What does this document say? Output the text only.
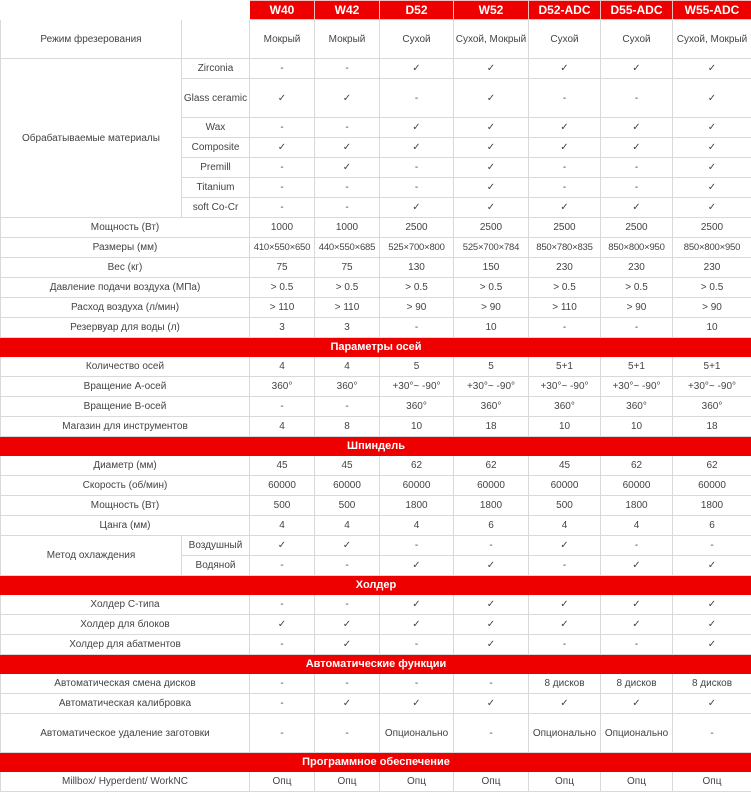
		W40	W42	D52	W52	D52-ADC	D55-ADC	W55-ADC
Режим фрезерования		Мокрый	Мокрый	Сухой	Сухой, Мокрый	Сухой	Сухой	Сухой, Мокрый
Обрабатываемые материалы	Zirconia	-	-	✓	✓	✓	✓	✓
	Glass ceramic	✓	✓	-	✓	-	-	✓
	Wax	-	-	✓	✓	✓	✓	✓
	Composite	✓	✓	✓	✓	✓	✓	✓
	Premill	-	✓	-	✓	-	-	✓
	Titanium	-	-	-	✓	-	-	✓
	soft Co-Cr	-	-	✓	✓	✓	✓	✓
Мощность (Вт)		1000	1000	2500	2500	2500	2500	2500
Размеры (мм)		410×550×650	440×550×685	525×700×800	525×700×784	850×780×835	850×800×950	850×800×950
Вес (кг)		75	75	130	150	230	230	230
Давление подачи воздуха (МПа)		> 0.5	> 0.5	> 0.5	> 0.5	> 0.5	> 0.5	> 0.5
Расход воздуха (л/мин)		> 110	> 110	> 90	> 90	> 110	> 90	> 90
Резервуар для воды (л)		3	3	-	10	-	-	10
Параметры осей								
Количество осей		4	4	5	5	5+1	5+1	5+1
Вращение А-осей		360°	360°	+30°~ -90°	+30°~ -90°	+30°~ -90°	+30°~ -90°	+30°~ -90°
Вращение В-осей		-	-	360°	360°	360°	360°	360°
Магазин для инструментов		4	8	10	18	10	10	18
Шпиндель								
Диаметр (мм)		45	45	62	62	45	62	62
Скорость (об/мин)		60000	60000	60000	60000	60000	60000	60000
Мощность (Вт)		500	500	1800	1800	500	1800	1800
Цанга (мм)		4	4	4	6	4	4	6
Метод охлаждения	Воздушный	✓	✓	-	-	✓	-	-
	Водяной	-	-	✓	✓	-	✓	✓
Холдер								
Холдер С-типа		-	-	✓	✓	✓	✓	✓
Холдер для блоков		✓	✓	✓	✓	✓	✓	✓
Холдер для абатментов		-	✓	-	✓	-	-	✓
Автоматические функции								
Автоматическая смена дисков		-	-	-	-	8 дисков	8 дисков	8 дисков
Автоматическая калибровка		-	✓	✓	✓	✓	✓	✓
Автоматическое удаление заготовки		-	-	Опционально	-	Опционально	Опционально	-
Программное обеспечение								
Millbox/ Hyperdent/ WorkNC		Опц	Опц	Опц	Опц	Опц	Опц	Опц
